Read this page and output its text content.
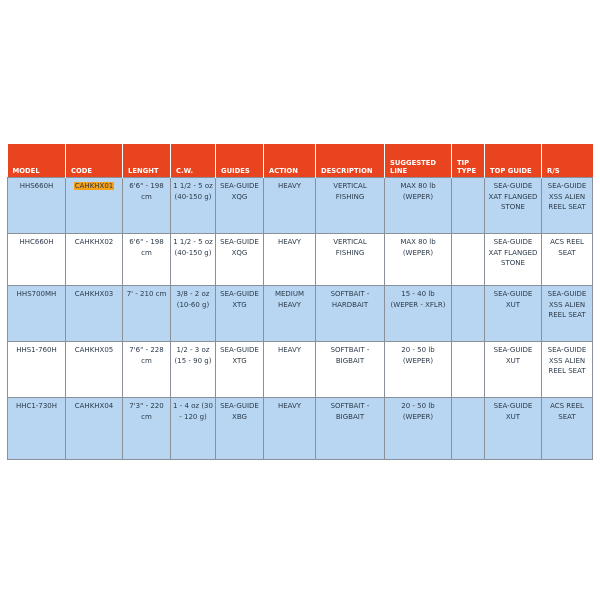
MODEL	CODE	LENGHT	C.W.	GUIDES	ACTION	DESCRIPTION	SUGGESTED LINE	TIP TYPE	TOP GUIDE	R/S
HHS660H	CAHKHX01	6'6" - 198 cm	1 1/2 - 5 oz (40-150 g)	SEA-GUIDE XQG	HEAVY	VERTICAL FISHING	MAX 80 lb (WEPER)		SEA-GUIDE XAT FLANGED STONE	SEA-GUIDE XSS ALIEN REEL SEAT
HHC660H	CAHKHX02	6'6" - 198 cm	1 1/2 - 5 oz (40-150 g)	SEA-GUIDE XQG	HEAVY	VERTICAL FISHING	MAX 80 lb (WEPER)		SEA-GUIDE XAT FLANGED STONE	ACS REEL SEAT
HHS700MH	CAHKHX03	7' - 210 cm	3/8 - 2 oz (10-60 g)	SEA-GUIDE XTG	MEDIUM HEAVY	SOFTBAIT - HARDBAIT	15 - 40 lb (WEPER - XFLR)		SEA-GUIDE XUT	SEA-GUIDE XSS ALIEN REEL SEAT
HHS1-760H	CAHKHX05	7'6" - 228 cm	1/2 - 3 oz (15 - 90 g)	SEA-GUIDE XTG	HEAVY	SOFTBAIT - BIGBAIT	20 - 50 lb (WEPER)		SEA-GUIDE XUT	SEA-GUIDE XSS ALIEN REEL SEAT
HHC1-730H	CAHKHX04	7'3" - 220 cm	1 - 4 oz (30 - 120 g)	SEA-GUIDE XBG	HEAVY	SOFTBAIT - BIGBAIT	20 - 50 lb (WEPER)		SEA-GUIDE XUT	ACS REEL SEAT
